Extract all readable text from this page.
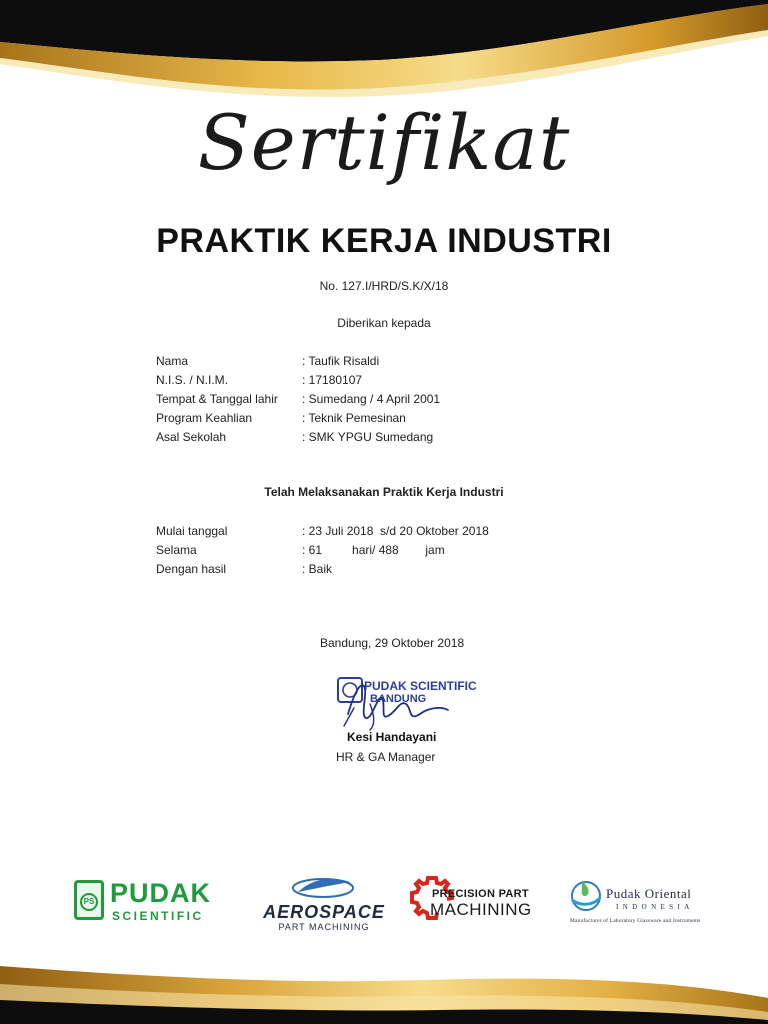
Sertifikat
PRAKTIK KERJA INDUSTRI
No. 127.I/HRD/S.K/X/18
Diberikan kepada
Nama	: Taufik Risaldi
N.I.S. / N.I.M.	: 17180107
Tempat & Tanggal lahir	: Sumedang / 4 April 2001
Program Keahlian	: Teknik Pemesinan
Asal Sekolah	: SMK YPGU Sumedang
Telah Melaksanakan Praktik Kerja Industri
Mulai tanggal	: 23 Juli 2018  s/d 20 Oktober 2018
Selama	: 61         hari/ 488        jam
Dengan hasil	: Baik
Bandung, 29 Oktober 2018
PUDAK SCIENTIFIC
BANDUNG
Kesi Handayani
HR & GA Manager
PS PUDAK
SCIENTIFIC	AEROSPACE
PART MACHINING
PRECISION PART
MACHINING
Pudak Oriental
INDONESIA
Manufacturer of Laboratory Glassware and Instruments
